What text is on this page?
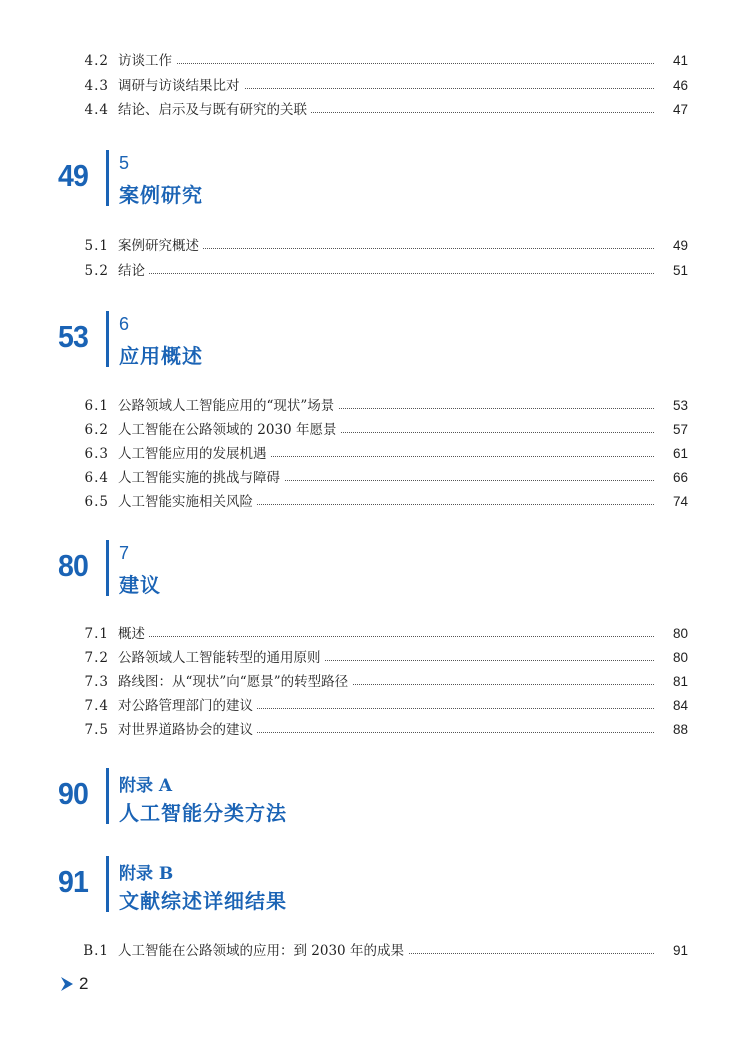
4.2 访谈工作	41
4.3 调研与访谈结果比对	46
4.4 结论、启示及与既有研究的关联	47
49	5
案例研究
5.1 案例研究概述	49
5.2 结论	51
53	6
应用概述
6.1 公路领域人工智能应用的“现状”场景	53
6.2 人工智能在公路领域的 2030 年愿景	57
6.3 人工智能应用的发展机遇	61
6.4 人工智能实施的挑战与障碍	66
6.5 人工智能实施相关风险	74
80	7
建议
7.1 概述	80
7.2 公路领域人工智能转型的通用原则	80
7.3 路线图：从“现状”向“愿景”的转型路径	81
7.4 对公路管理部门的建议	84
7.5 对世界道路协会的建议	88
90	附录 A
人工智能分类方法
91	附录 B
文献综述详细结果
B.1 人工智能在公路领域的应用：到 2030 年的成果	91
2
